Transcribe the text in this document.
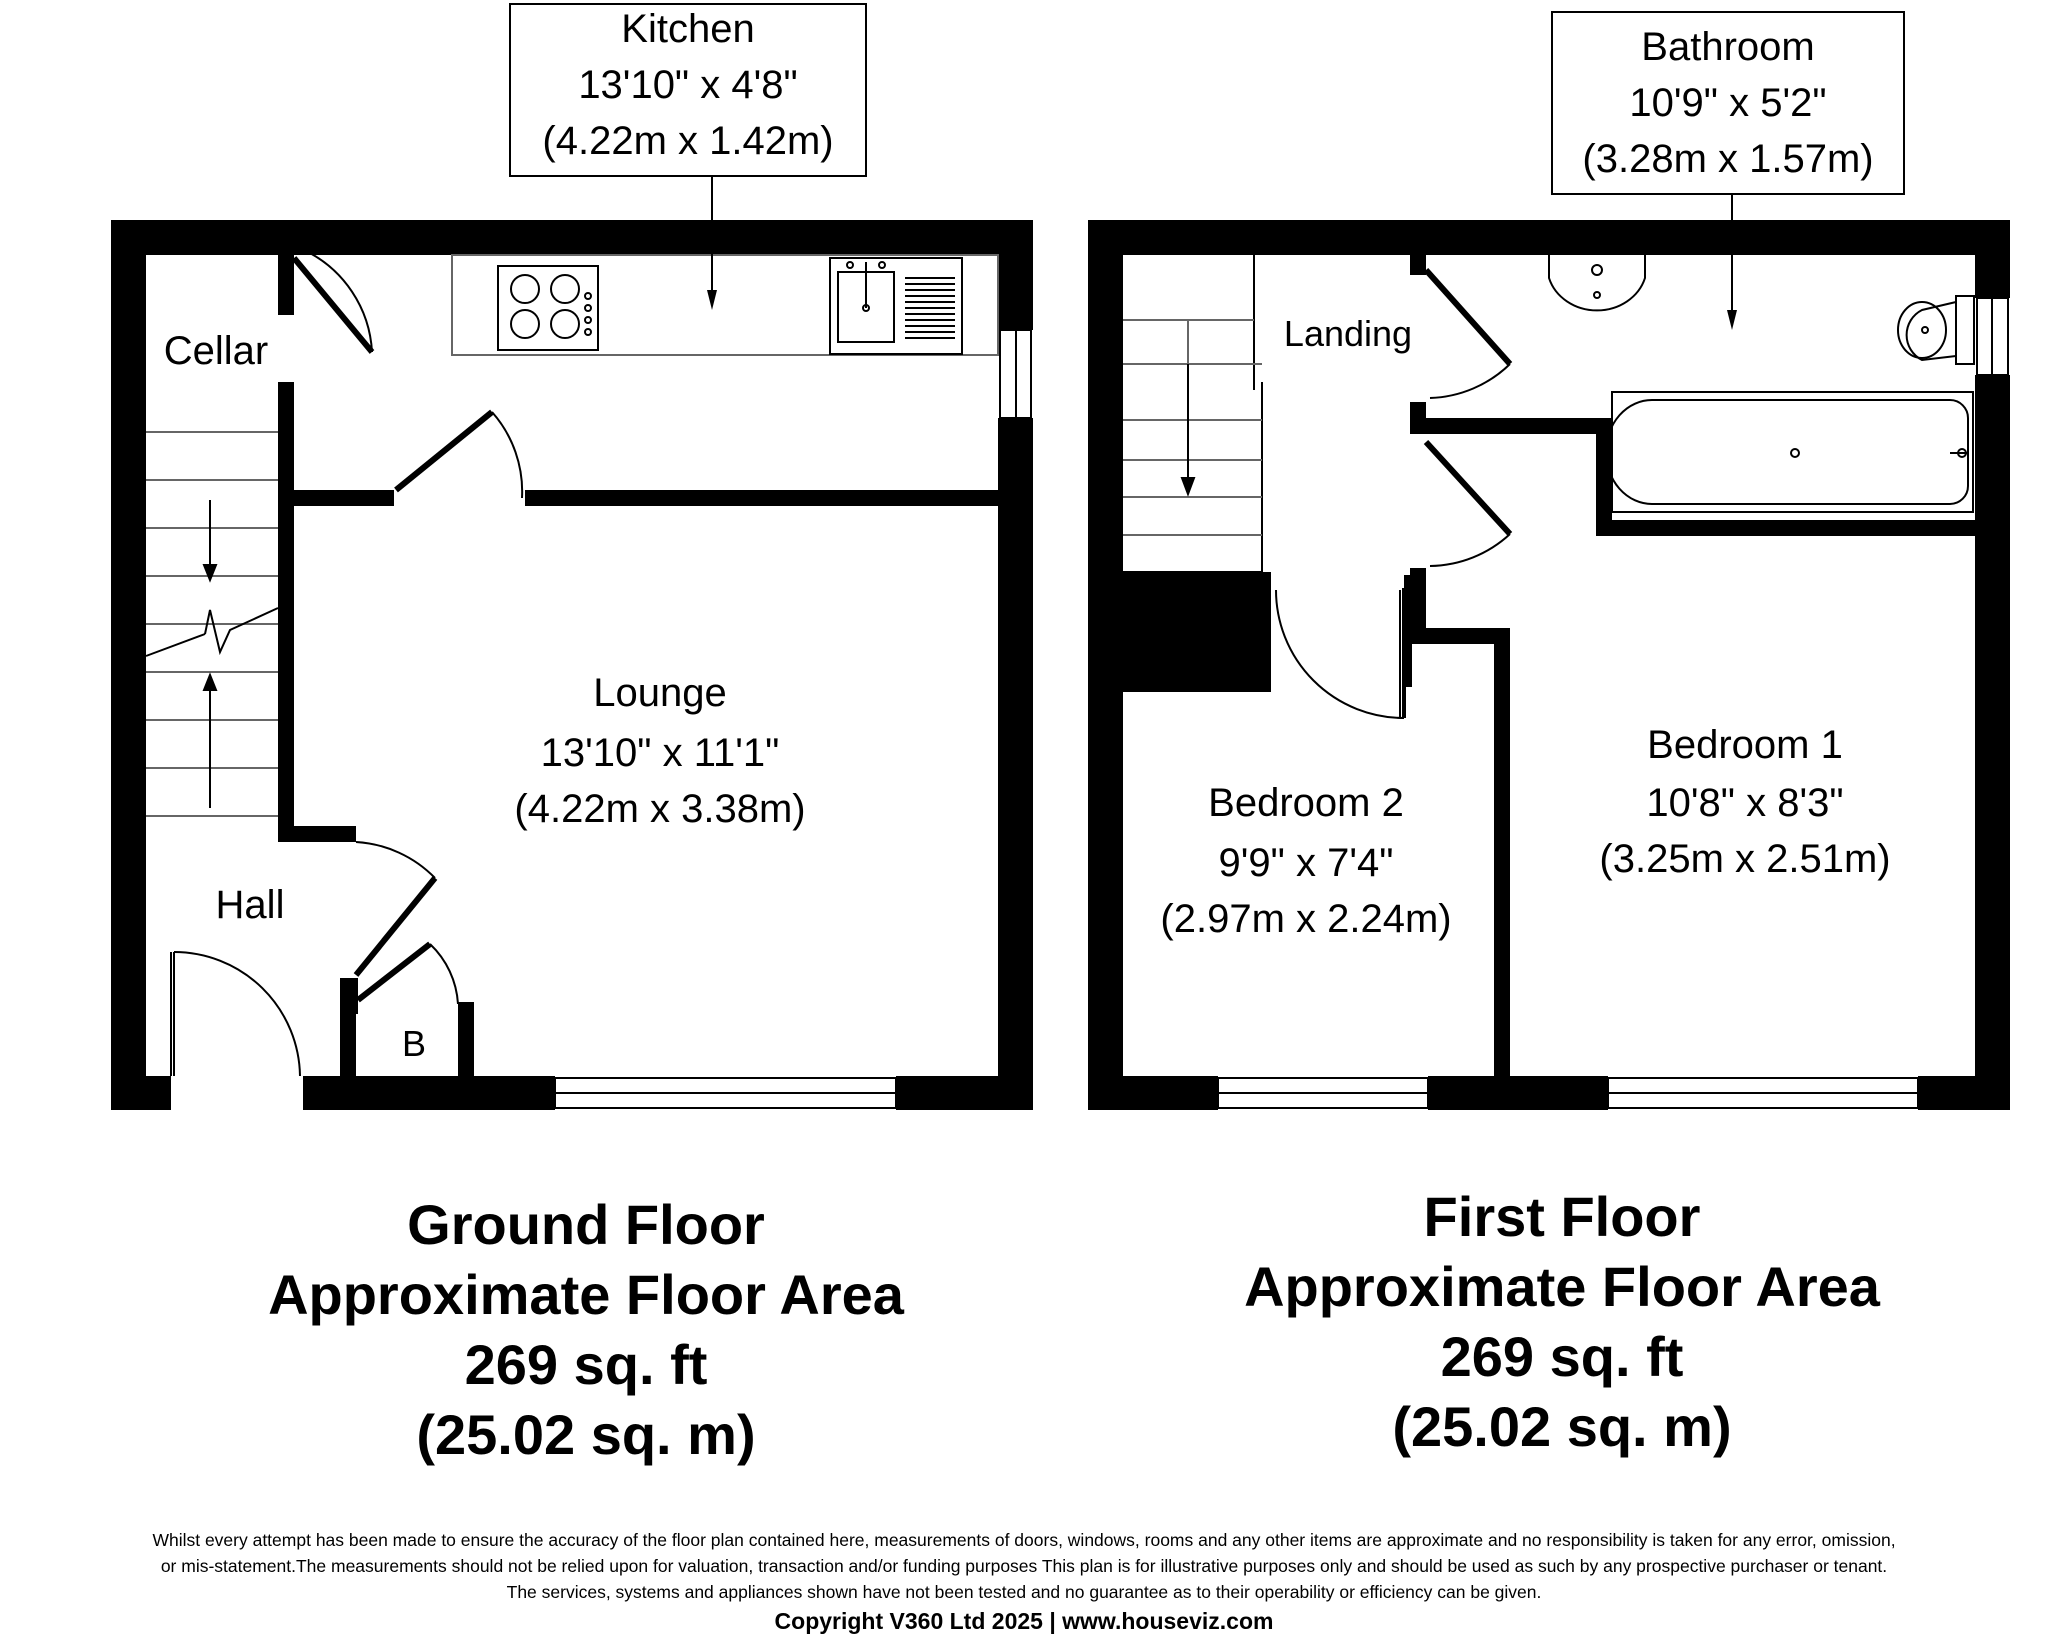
Kitchen
13'10" x 4'8"
(4.22m x 1.42m)
Bathroom
10'9" x 5'2"
(3.28m x 1.57m)
Cellar
Hall
B
Lounge
13'10" x 11'1"
(4.22m x 3.38m)
Landing
Bedroom 2
9'9" x 7'4"
(2.97m x 2.24m)
Bedroom 1
10'8" x 8'3"
(3.25m x 2.51m)
Ground Floor
Approximate Floor Area
269 sq. ft
(25.02 sq. m)
First Floor
Approximate Floor Area
269 sq. ft
(25.02 sq. m)
Whilst every attempt has been made to ensure the accuracy of the floor plan contained here, measurements of doors, windows, rooms and any other items are approximate and no responsibility is taken for any error, omission,
or mis-statement.The measurements should not be relied upon for valuation, transaction and/or funding purposes This plan is for illustrative purposes only and should be used as such by any prospective purchaser or tenant.
The services, systems and appliances shown have not been tested and no guarantee as to their operability or efficiency can be given.
Copyright V360 Ltd 2025 | www.houseviz.com
